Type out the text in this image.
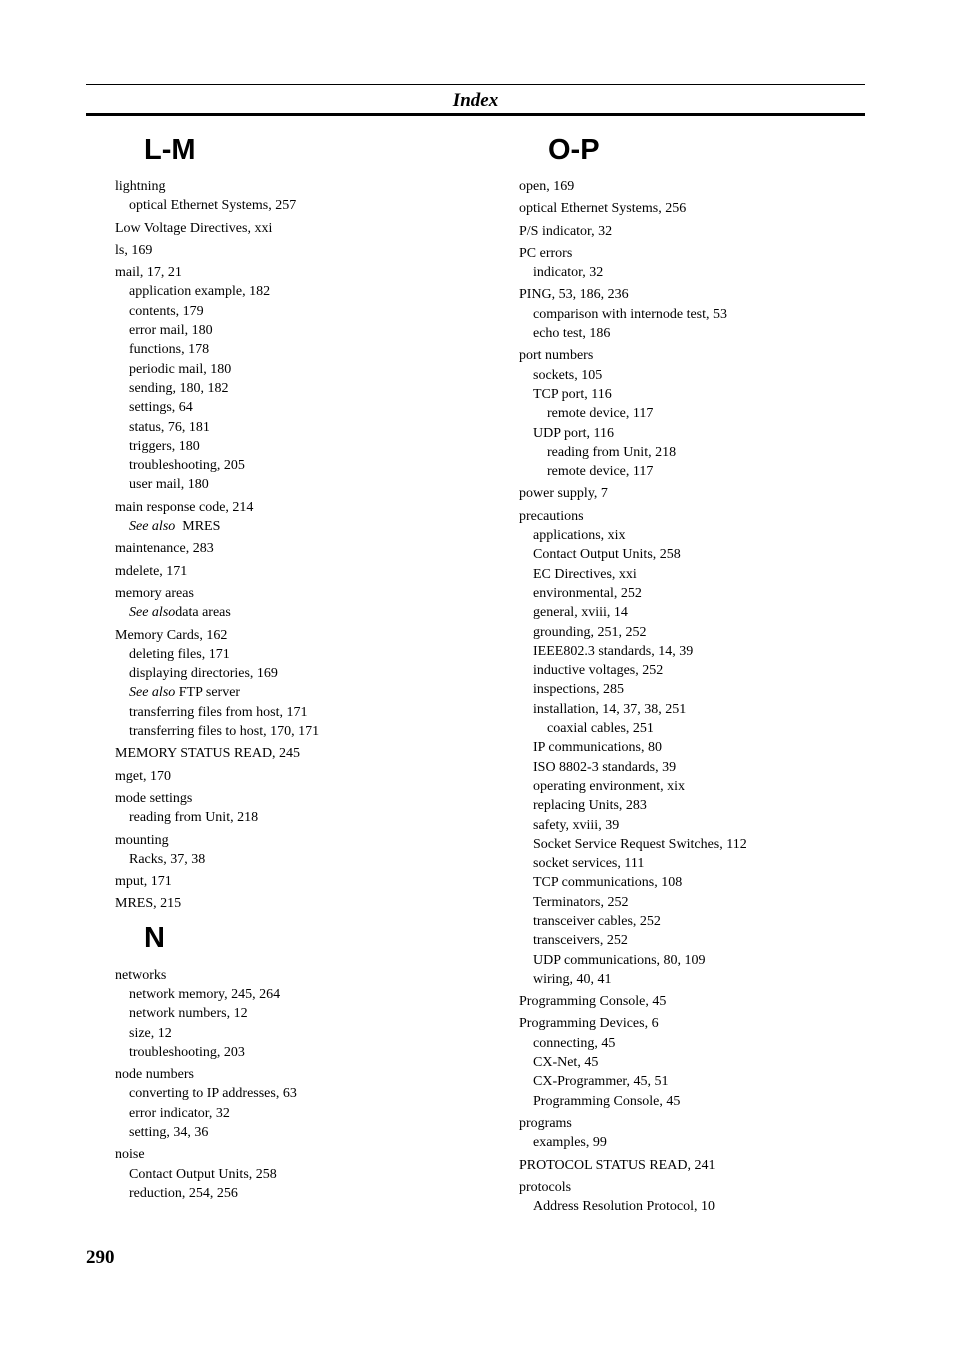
Index
L-M
lightning
optical Ethernet Systems, 257
Low Voltage Directives, xxi
ls, 169
mail, 17, 21
application example, 182
contents, 179
error mail, 180
functions, 178
periodic mail, 180
sending, 180, 182
settings, 64
status, 76, 181
triggers, 180
troubleshooting, 205
user mail, 180
main response code, 214
See also  MRES
maintenance, 283
mdelete, 171
memory areas
See alsodata areas
Memory Cards, 162
deleting files, 171
displaying directories, 169
See also FTP server
transferring files from host, 171
transferring files to host, 170, 171
MEMORY STATUS READ, 245
mget, 170
mode settings
reading from Unit, 218
mounting
Racks, 37, 38
mput, 171
MRES, 215
N
networks
network memory, 245, 264
network numbers, 12
size, 12
troubleshooting, 203
node numbers
converting to IP addresses, 63
error indicator, 32
setting, 34, 36
noise
Contact Output Units, 258
reduction, 254, 256
O-P
open, 169
optical Ethernet Systems, 256
P/S indicator, 32
PC errors
indicator, 32
PING, 53, 186, 236
comparison with internode test, 53
echo test, 186
port numbers
sockets, 105
TCP port, 116
remote device, 117
UDP port, 116
reading from Unit, 218
remote device, 117
power supply, 7
precautions
applications, xix
Contact Output Units, 258
EC Directives, xxi
environmental, 252
general, xviii, 14
grounding, 251, 252
IEEE802.3 standards, 14, 39
inductive voltages, 252
inspections, 285
installation, 14, 37, 38, 251
coaxial cables, 251
IP communications, 80
ISO 8802-3 standards, 39
operating environment, xix
replacing Units, 283
safety, xviii, 39
Socket Service Request Switches, 112
socket services, 111
TCP communications, 108
Terminators, 252
transceiver cables, 252
transceivers, 252
UDP communications, 80, 109
wiring, 40, 41
Programming Console, 45
Programming Devices, 6
connecting, 45
CX-Net, 45
CX-Programmer, 45, 51
Programming Console, 45
programs
examples, 99
PROTOCOL STATUS READ, 241
protocols
Address Resolution Protocol, 10
290
